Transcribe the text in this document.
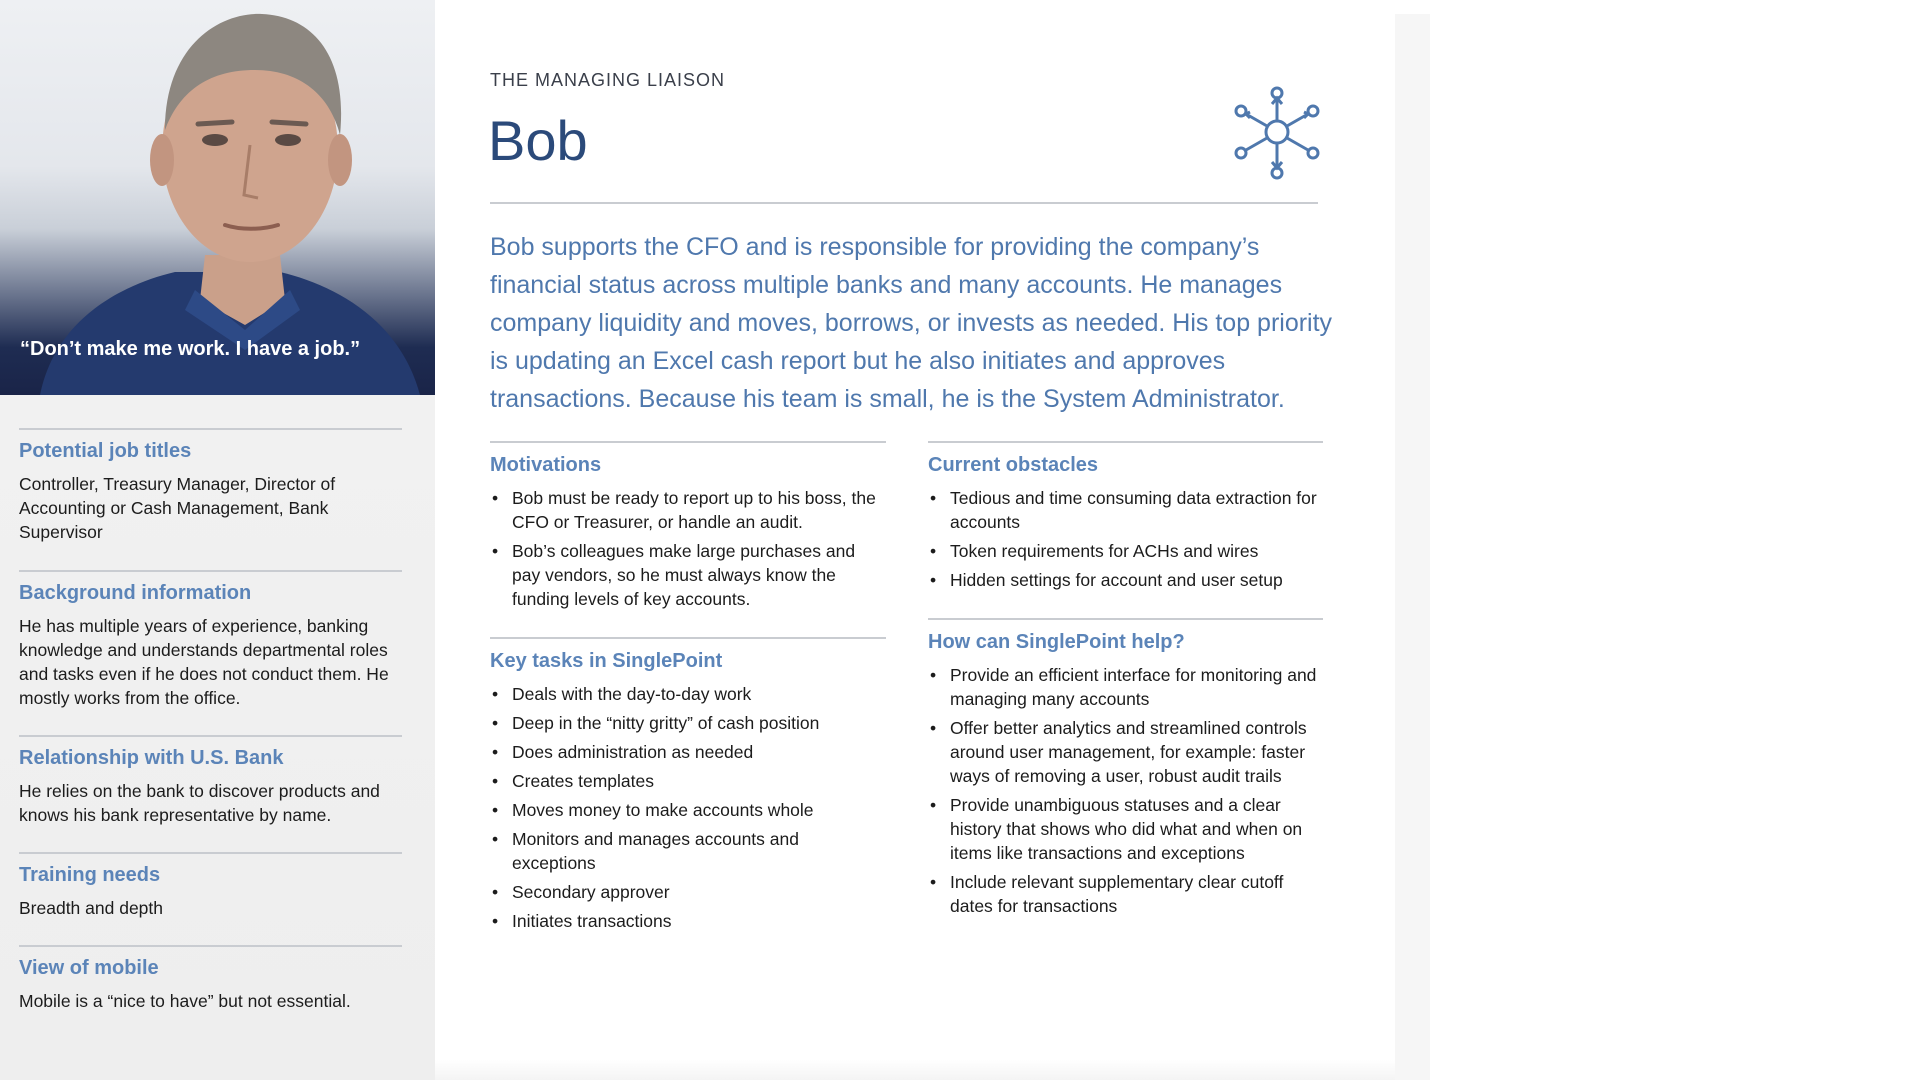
“Don’t make me work. I have a job.”
Potential job titles

Controller, Treasury Manager, Director of Accounting or Cash Management, Bank Supervisor

Background information

He has multiple years of experience, banking knowledge and understands departmental roles and tasks even if he does not conduct them. He mostly works from the office.

Relationship with U.S. Bank

He relies on the bank to discover products and knows his bank representative by name.

Training needs

Breadth and depth

View of mobile

Mobile is a “nice to have” but not essential.

THE MANAGING LIAISON
Bob

Bob supports the CFO and is responsible for providing the company’s financial status across multiple banks and many accounts. He manages company liquidity and moves, borrows, or invests as needed. His top priority is updating an Excel cash report but he also initiates and approves transactions. Because his team is small, he is the System Administrator.

Motivations
• Bob must be ready to report up to his boss, the CFO or Treasurer, or handle an audit.
• Bob’s colleagues make large purchases and pay vendors, so he must always know the funding levels of key accounts.
Key tasks in SinglePoint
• Deals with the day-to-day work
• Deep in the “nitty gritty” of cash position
• Does administration as needed
• Creates templates
• Moves money to make accounts whole
• Monitors and manages accounts and exceptions
• Secondary approver
• Initiates transactions
Current obstacles
• Tedious and time consuming data extraction for accounts
• Token requirements for ACHs and wires
• Hidden settings for account and user setup
How can SinglePoint help?
• Provide an efficient interface for monitoring and managing many accounts
• Offer better analytics and streamlined controls around user management, for example: faster ways of removing a user, robust audit trails
• Provide unambiguous statuses and a clear history that shows who did what and when on items like transactions and exceptions
• Include relevant supplementary clear cutoff dates for transactions
